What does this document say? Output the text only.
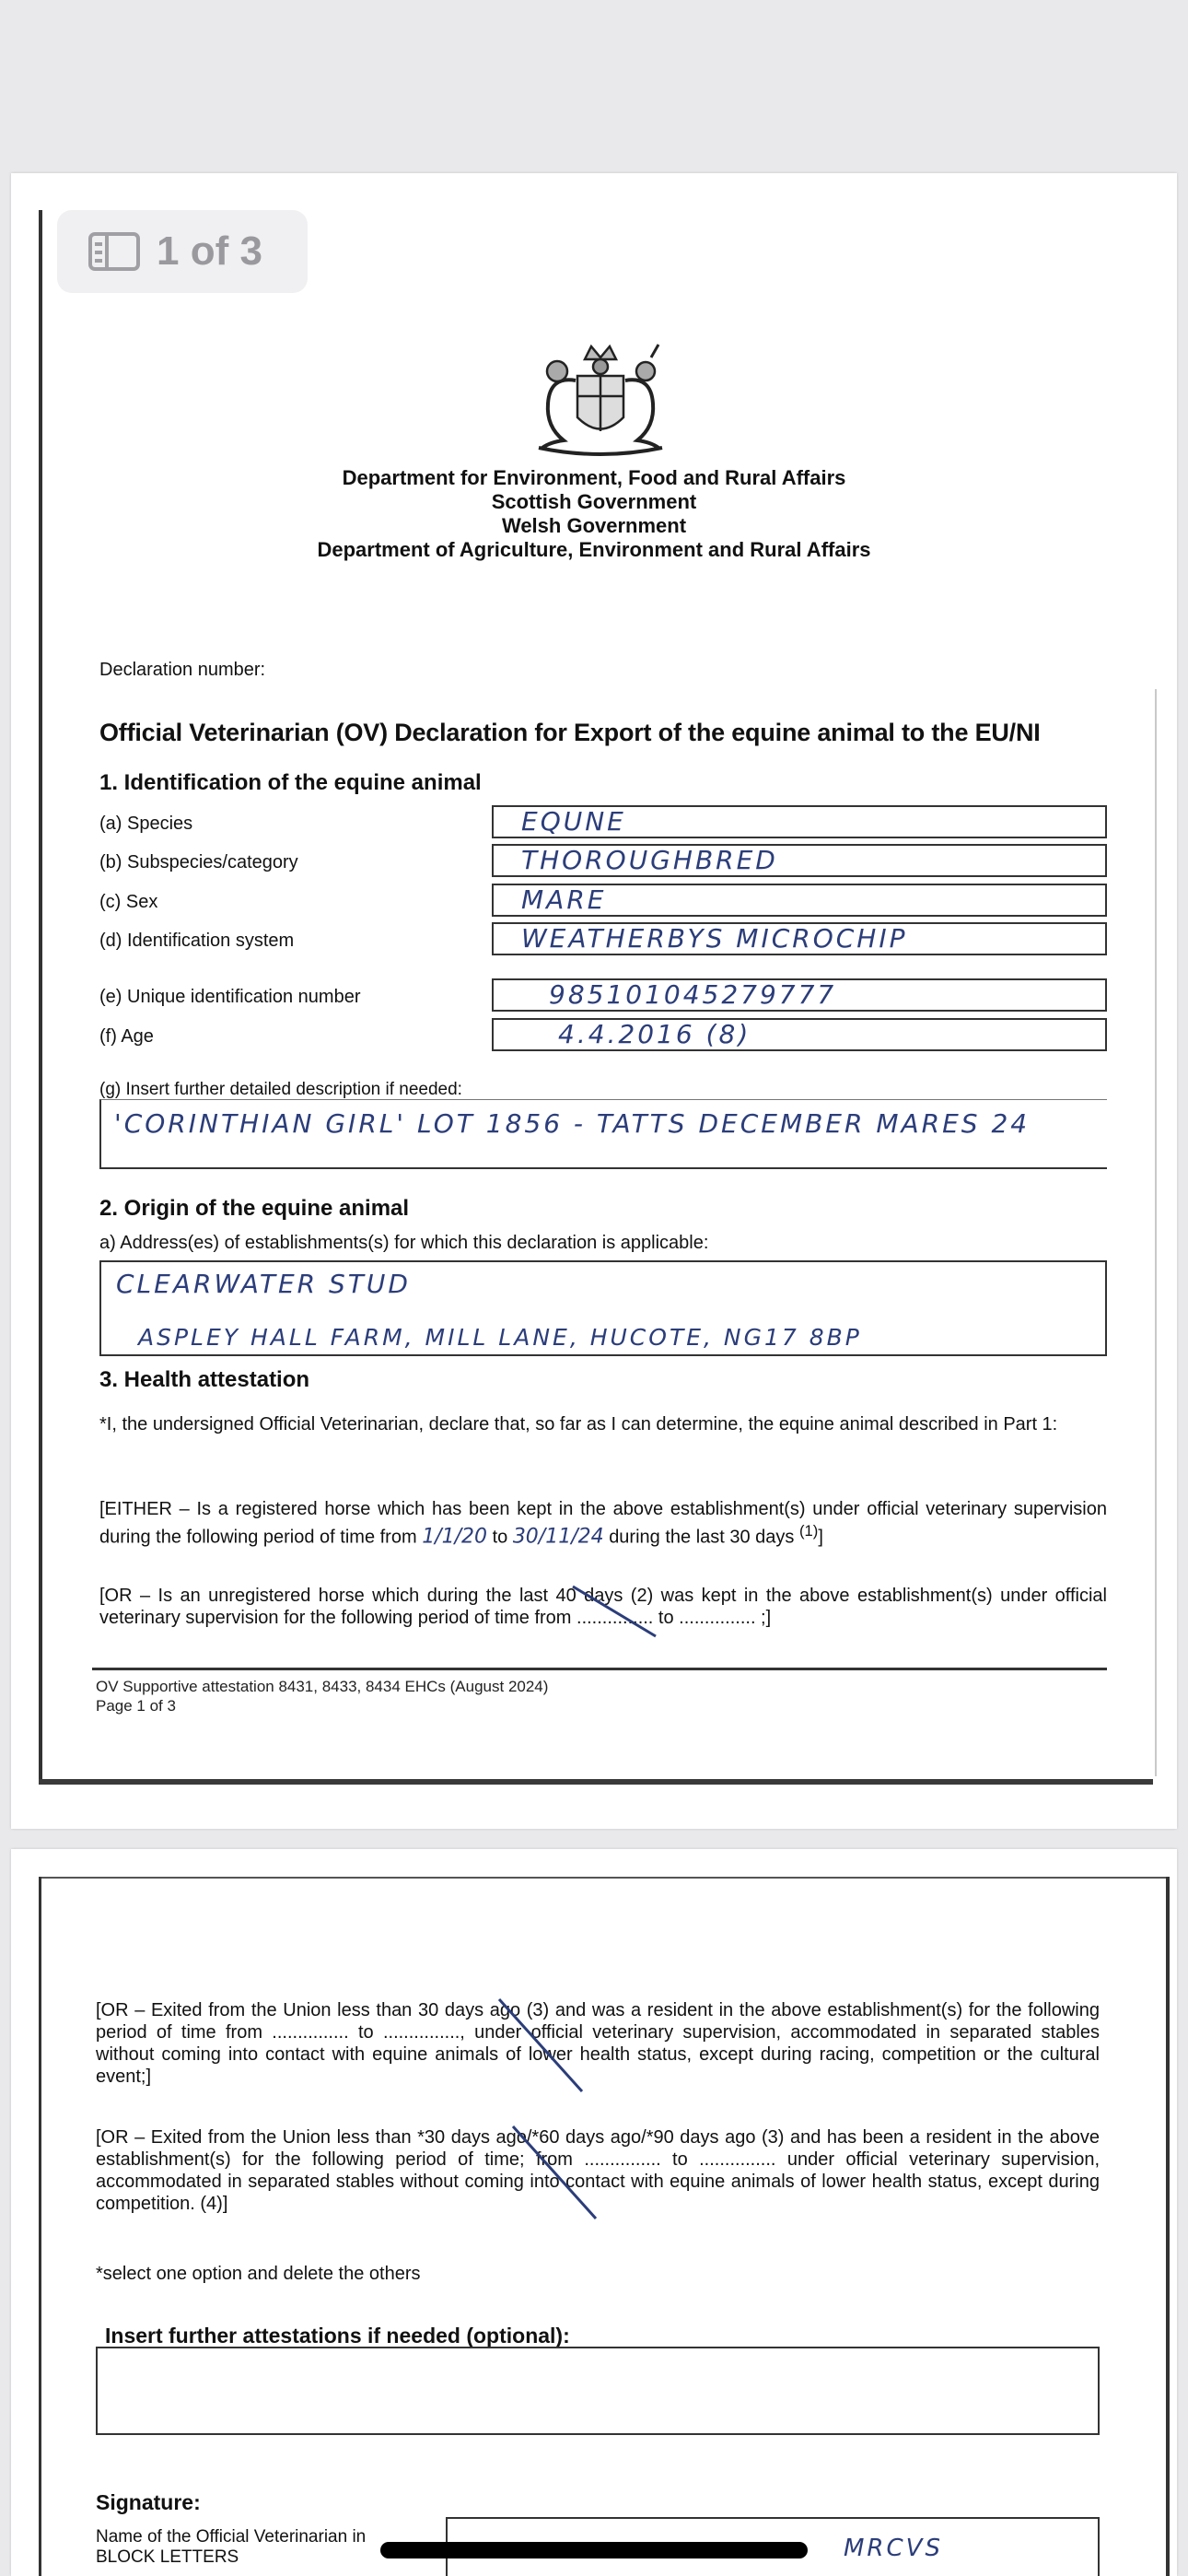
Department for Environment, Food and Rural Affairs
Scottish Government
Welsh Government
Department of Agriculture, Environment and Rural Affairs
Declaration number:
Official Veterinarian (OV) Declaration for Export of the equine animal to the EU/NI
1. Identification of the equine animal
(a) Species	EQUNE
(b) Subspecies/category	THOROUGHBRED
(c) Sex	MARE
(d) Identification system	WEATHERBYS MICROCHIP
(e) Unique identification number	985101045279777
(f) Age	4.4.2016 (8)
(g) Insert further detailed description if needed:
'CORINTHIAN GIRL' LOT 1856 - TATTS DECEMBER MARES 24
2. Origin of the equine animal
a) Address(es) of establishments(s) for which this declaration is applicable:
CLEARWATER STUD
ASPLEY HALL FARM, MILL LANE, HUCOTE, NG17 8BP
3. Health attestation
*I, the undersigned Official Veterinarian, declare that, so far as I can determine, the equine animal described in Part 1:
[EITHER – Is a registered horse which has been kept in the above establishment(s) under official veterinary supervision during the following period of time from 1/1/20 to 30/11/24 during the last 30 days $^{(1)}$]
[OR – Is an unregistered horse which during the last 40 days (2) was kept in the above establishment(s) under official veterinary supervision for the following period of time from ............... to ............... ;]
OV Supportive attestation 8431, 8433, 8434 EHCs (August 2024)
Page 1 of 3
[OR – Exited from the Union less than 30 days ago (3) and was a resident in the above establishment(s) for the following period of time from ............... to ..............., under official veterinary supervision, accommodated in separated stables without coming into contact with equine animals of lower health status, except during racing, competition or the cultural event;]
[OR – Exited from the Union less than *30 days ago/*60 days ago/*90 days ago (3) and has been a resident in the above establishment(s) for the following period of time; from ............... to ............... under official veterinary supervision, accommodated in separated stables without coming into contact with equine animals of lower health status, except during competition. (4)]
*select one option and delete the others
Insert further attestations if needed (optional):
Signature:
Name of the Official Veterinarian in
BLOCK LETTERS	MRCVS
1 of 3
